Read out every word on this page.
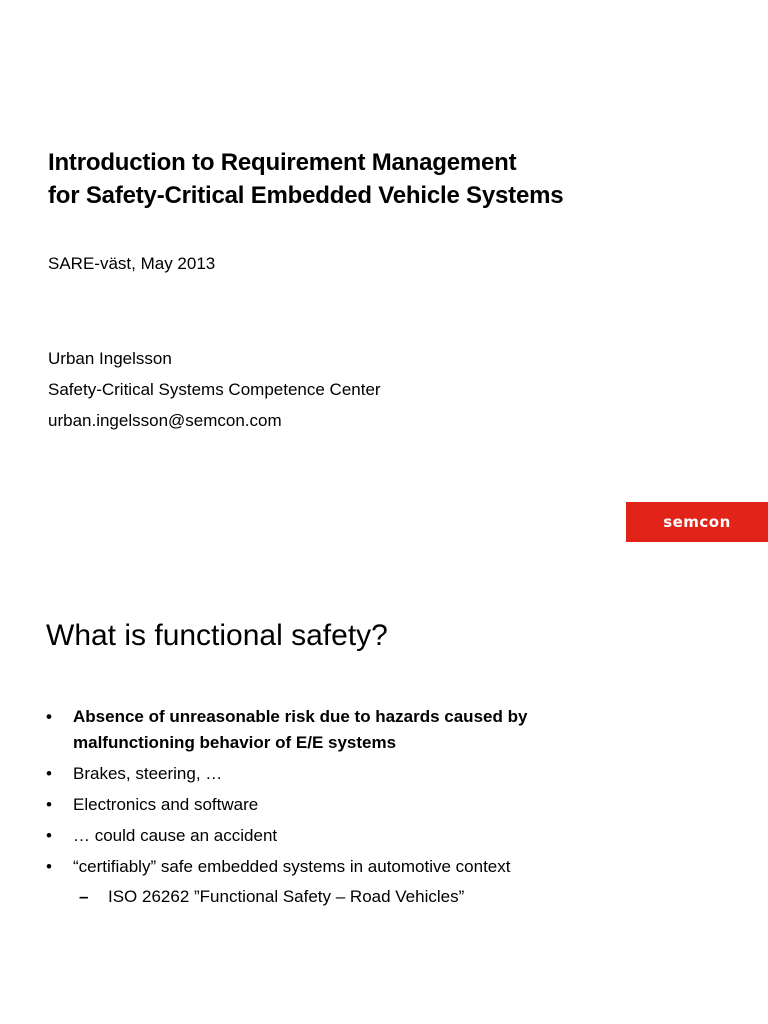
Introduction to Requirement Management
for Safety-Critical Embedded Vehicle Systems
SARE-väst, May 2013
Urban Ingelsson
Safety-Critical Systems Competence Center
urban.ingelsson@semcon.com
semcon
What is functional safety?
• Absence of unreasonable risk due to hazards caused by
malfunctioning behavior of E/E systems
• Brakes, steering, …
• Electronics and software
• … could cause an accident
• “certifiably” safe embedded systems in automotive context
– ISO 26262 ”Functional Safety – Road Vehicles”
